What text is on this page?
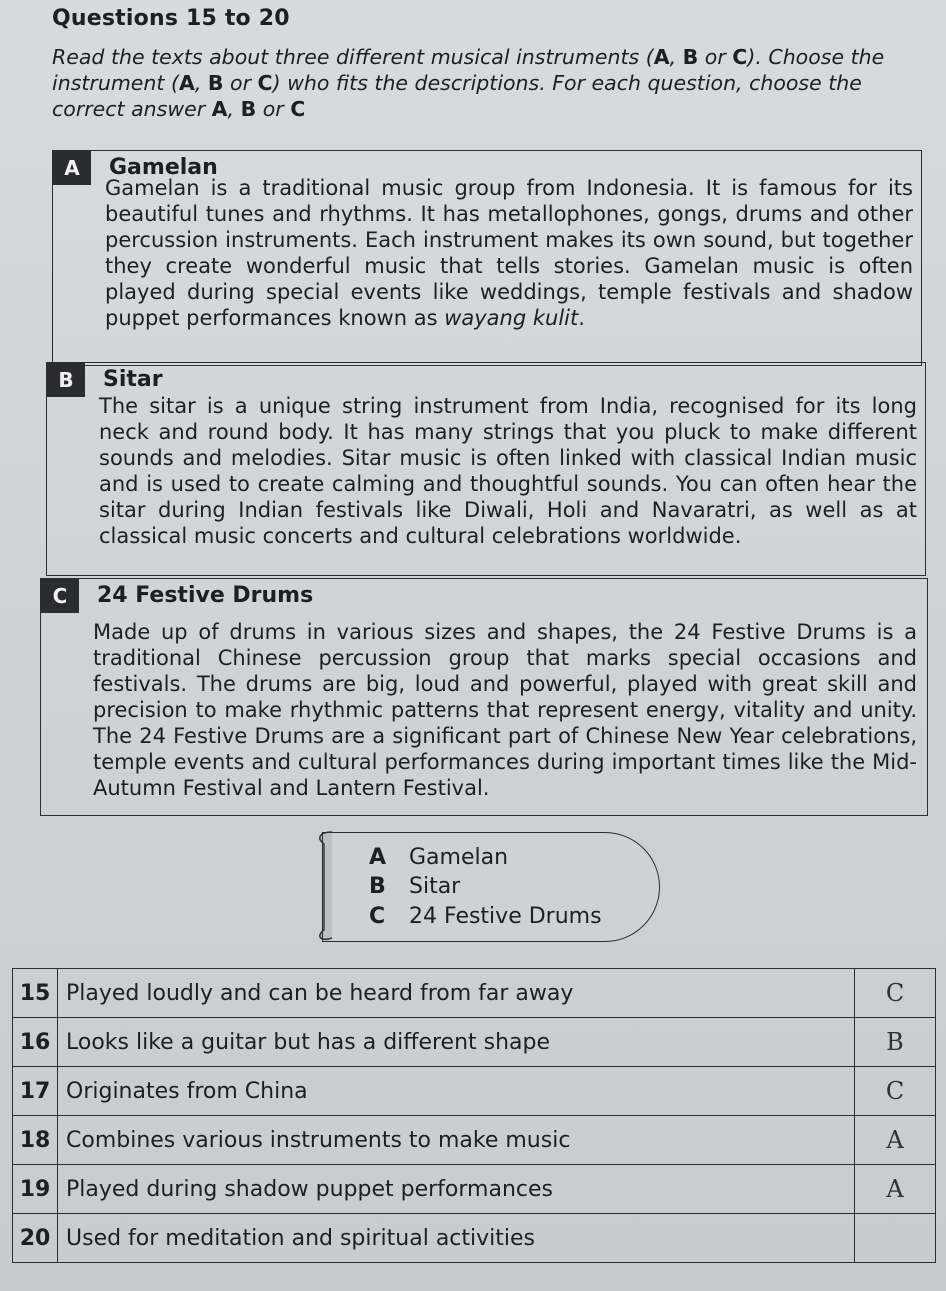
Questions 15 to 20
Read the texts about three different musical instruments (A, B or C). Choose the instrument (A, B or C) who fits the descriptions. For each question, choose the correct answer A, B or C
A	Gamelan
Gamelan is a traditional music group from Indonesia. It is famous for its beautiful tunes and rhythms. It has metallophones, gongs, drums and other percussion instruments. Each instrument makes its own sound, but together they create wonderful music that tells stories. Gamelan music is often played during special events like weddings, temple festivals and shadow puppet performances known as wayang kulit.
B	Sitar
The sitar is a unique string instrument from India, recognised for its long neck and round body. It has many strings that you pluck to make different sounds and melodies. Sitar music is often linked with classical Indian music and is used to create calming and thoughtful sounds. You can often hear the sitar during Indian festivals like Diwali, Holi and Navaratri, as well as at classical music concerts and cultural celebrations worldwide.
C	24 Festive Drums
Made up of drums in various sizes and shapes, the 24 Festive Drums is a traditional Chinese percussion group that marks special occasions and festivals. The drums are big, loud and powerful, played with great skill and precision to make rhythmic patterns that represent energy, vitality and unity. The 24 Festive Drums are a significant part of Chinese New Year celebrations, temple events and cultural performances during important times like the Mid-Autumn Festival and Lantern Festival.
A Gamelan
B Sitar
C 24 Festive Drums
15	Played loudly and can be heard from far away	C
16	Looks like a guitar but has a different shape	B
17	Originates from China	C
18	Combines various instruments to make music	A
19	Played during shadow puppet performances	A
20	Used for meditation and spiritual activities	
